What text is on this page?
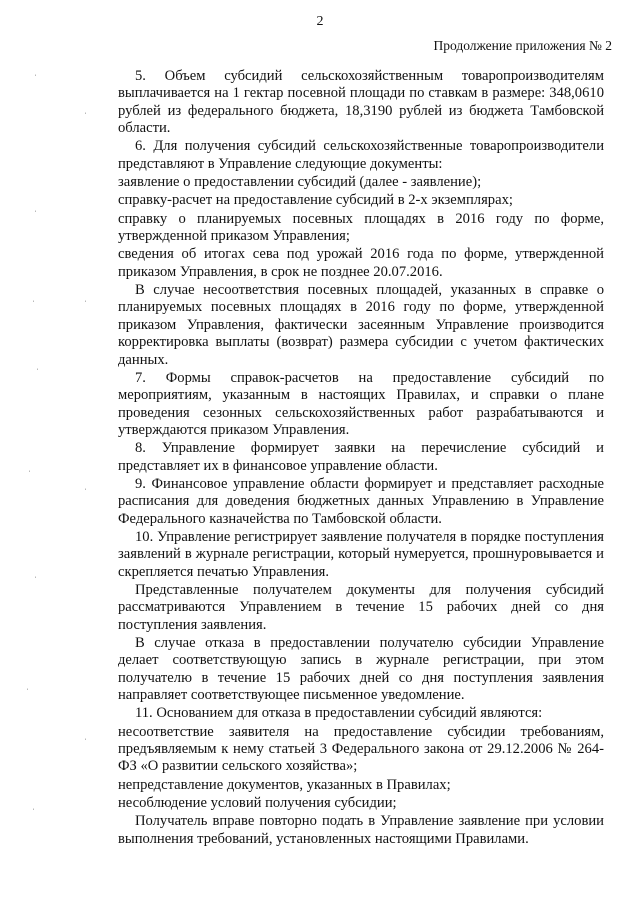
2
Продолжение приложения № 2

5. Объем субсидий сельскохозяйственным товаропроизводителям выплачивается на 1 гектар посевной площади по ставкам в размере: 348,0610 рублей из федерального бюджета, 18,3190 рублей из бюджета Тамбовской области.

6. Для получения субсидий сельскохозяйственные товаропроизводители представляют в Управление следующие документы:

заявление о предоставлении субсидий (далее - заявление);

справку-расчет на предоставление субсидий в 2-х экземплярах;

справку о планируемых посевных площадях в 2016 году по форме, утвержденной приказом Управления;

сведения об итогах сева под урожай 2016 года по форме, утвержденной приказом Управления, в срок не позднее 20.07.2016.

В случае несоответствия посевных площадей, указанных в справке о планируемых посевных площадях в 2016 году по форме, утвержденной приказом Управления, фактически засеянным Управление производится корректировка выплаты (возврат) размера субсидии с учетом фактических данных.

7. Формы справок-расчетов на предоставление субсидий по мероприятиям, указанным в настоящих Правилах, и справки о плане проведения сезонных сельскохозяйственных работ разрабатываются и утверждаются приказом Управления.

8. Управление формирует заявки на перечисление субсидий и представляет их в финансовое управление области.

9. Финансовое управление области формирует и представляет расходные расписания для доведения бюджетных данных Управлению в Управление Федерального казначейства по Тамбовской области.

10. Управление регистрирует заявление получателя в порядке поступления заявлений в журнале регистрации, который нумеруется, прошнуровывается и скрепляется печатью Управления.

Представленные получателем документы для получения субсидий рассматриваются Управлением в течение 15 рабочих дней со дня поступления заявления.

В случае отказа в предоставлении получателю субсидии Управление делает соответствующую запись в журнале регистрации, при этом получателю в течение 15 рабочих дней со дня поступления заявления направляет соответствующее письменное уведомление.

11. Основанием для отказа в предоставлении субсидий являются:

несоответствие заявителя на предоставление субсидии требованиям, предъявляемым к нему статьей 3 Федерального закона от 29.12.2006 № 264-ФЗ «О развитии сельского хозяйства»;

непредставление документов, указанных в Правилах;

несоблюдение условий получения субсидии;

Получатель вправе повторно подать в Управление заявление при условии выполнения требований, установленных настоящими Правилами.

ˈ
ˈ
ˈ
ˈ
ˈ
ˈ
ˈ
ˈ
ˈ
ˈ
ˈ
ˈ
